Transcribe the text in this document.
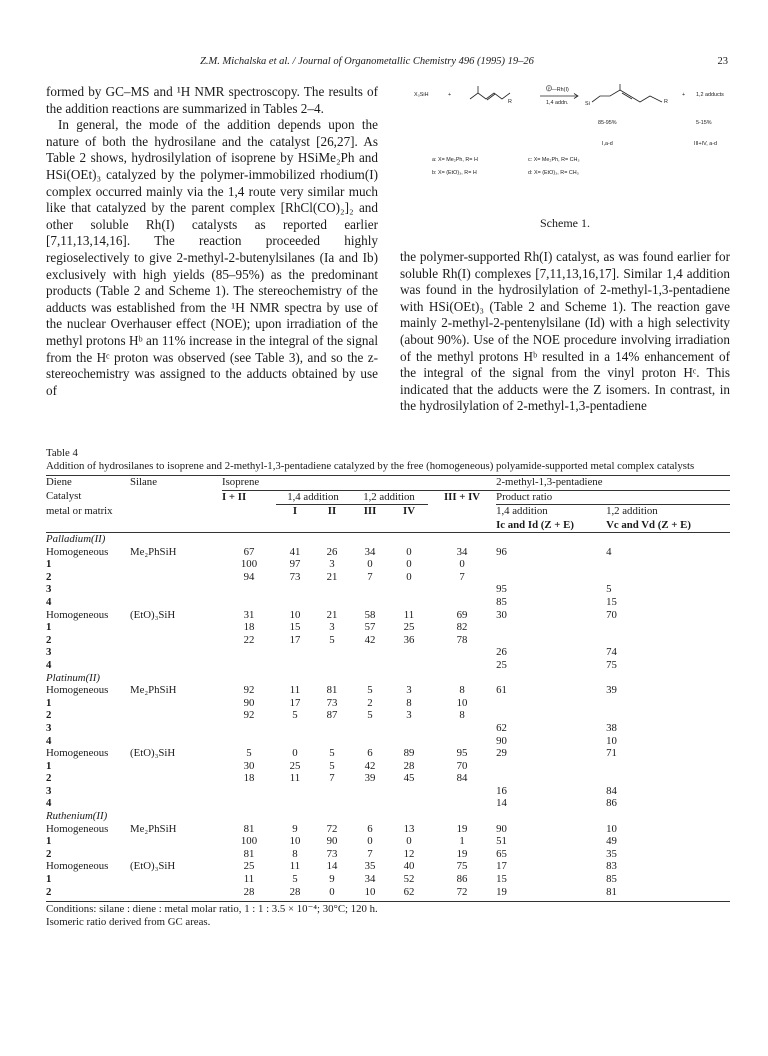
Z.M. Michalska et al. / Journal of Organometallic Chemistry 496 (1995) 19–26	23

formed by GC–MS and ¹H NMR spectroscopy. The results of the addition reactions are summarized in Tables 2–4.

In general, the mode of the addition depends upon the nature of both the hydrosilane and the catalyst [26,27]. As Table 2 shows, hydrosilylation of isoprene by HSiMe₂Ph and HSi(OEt)₃ catalyzed by the polymer-immobilized rhodium(I) complex occurred mainly via the 1,4 route very similar much like that catalyzed by the parent complex [RhCl(CO)₂]₂ and other soluble Rh(I) catalysts as reported earlier [7,11,13,14,16]. The reaction proceeded highly regioselectively to give 2-methyl-2-butenylsilanes (Ia and Ib) exclusively with high yields (85–95%) as the predominant products (Table 2 and Scheme 1). The stereochemistry of the adducts was established from the ¹H NMR spectra by use of the nuclear Overhauser effect (NOE); upon irradiation of the methyl protons Hᵇ an 11% increase in the integral of the signal from the Hᶜ proton was observed (see Table 3), and so the z-stereochemistry was assigned to the adducts obtained by use of

X₃SiH	+
Ⓟ—Rh(I)
1,4 addn.
R	Si	R
+ 1,2 adducts
85-95%	5-15%
I,a-d	III+IV, a-d
a: X= Me₂Ph, R= H
b: X= (EtO)₃, R= H
c: X= Me₂Ph, R= CH₃
d: X= (EtO)₃, R= CH₃
Scheme 1.

the polymer-supported Rh(I) catalyst, as was found earlier for soluble Rh(I) complexes [7,11,13,16,17]. Similar 1,4 addition was found in the hydrosilylation of 2-methyl-1,3-pentadiene with HSi(OEt)₃ (Table 2 and Scheme 1). The reaction gave mainly 2-methyl-2-pentenylsilane (Id) with a high selectivity (about 90%). Use of the NOE procedure involving irradiation of the methyl protons Hᵇ resulted in a 14% enhancement of the integral of the signal from the vinyl proton Hᶜ. This indicated that the adducts were the Z isomers. In contrast, in the hydrosilylation of 2-methyl-1,3-pentadiene

Table 4

Addition of hydrosilanes to isoprene and 2-methyl-1,3-pentadiene catalyzed by the free (homogeneous) polyamide-supported metal complex catalysts

Diene	Silane	Isoprene						2-methyl-1,3-pentadiene	
Catalyst		I + II	1,4 addition		1,2 addition		III + IV	Product ratio	
metal or matrix			I	II	III	IV		1,4 addition	1,2 addition
								Ic and Id (Z + E)	Vc and Vd (Z + E)
Palladium(II)									
Homogeneous	Me₂PhSiH	67	41	26	34	0	34	96	4
1		100	97	3	0	0	0		
2		94	73	21	7	0	7		
3								95	5
4								85	15
Homogeneous	(EtO)₃SiH	31	10	21	58	11	69	30	70
1		18	15	3	57	25	82		
2		22	17	5	42	36	78		
3								26	74
4								25	75
Platinum(II)									
Homogeneous	Me₂PhSiH	92	11	81	5	3	8	61	39
1		90	17	73	2	8	10		
2		92	5	87	5	3	8		
3								62	38
4								90	10
Homogeneous	(EtO)₃SiH	5	0	5	6	89	95	29	71
1		30	25	5	42	28	70		
2		18	11	7	39	45	84		
3								16	84
4								14	86
Ruthenium(II)									
Homogeneous	Me₂PhSiH	81	9	72	6	13	19	90	10
1		100	10	90	0	0	1	51	49
2		81	8	73	7	12	19	65	35
Homogeneous	(EtO)₃SiH	25	11	14	35	40	75	17	83
1		11	5	9	34	52	86	15	85
2		28	28	0	10	62	72	19	81

Conditions: silane : diene : metal molar ratio, 1 : 1 : 3.5 × 10⁻⁴; 30°C; 120 h.

Isomeric ratio derived from GC areas.
